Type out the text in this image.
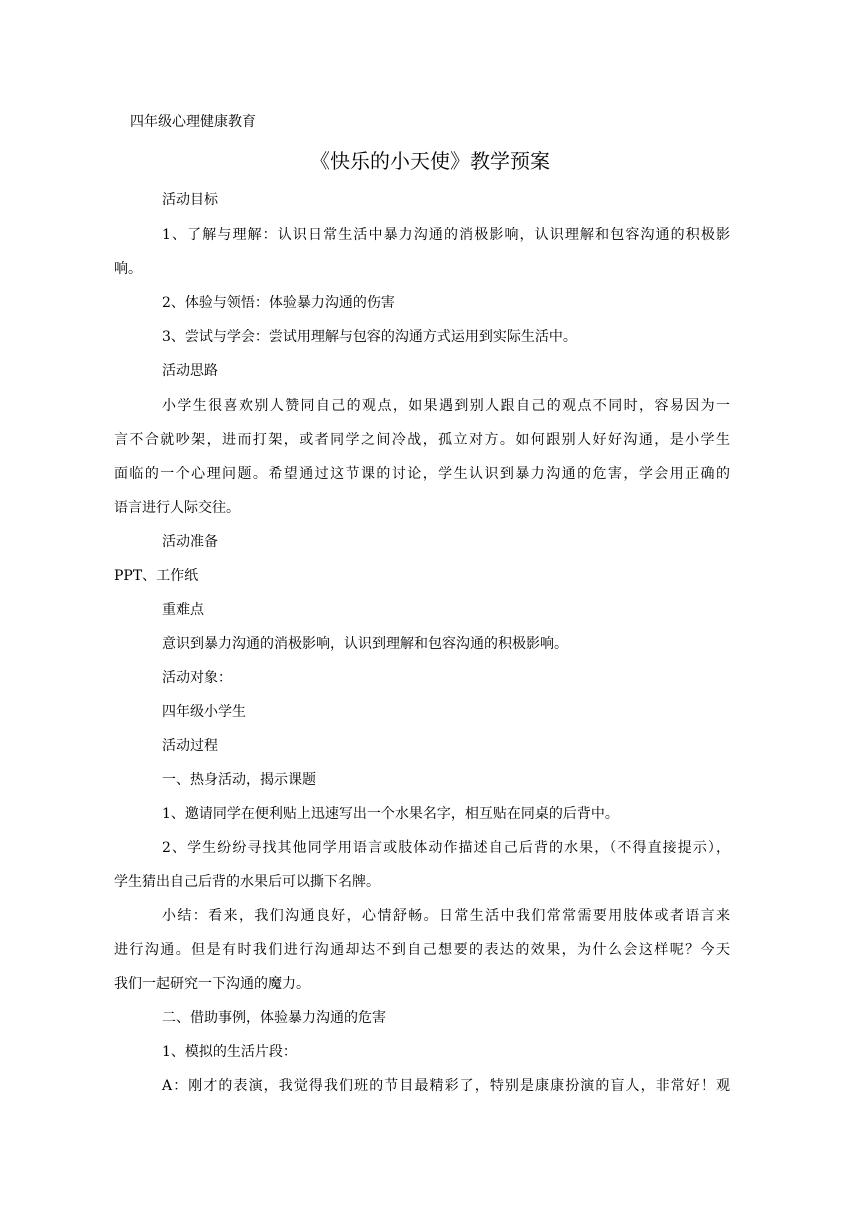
四年级心理健康教育
《快乐的小天使》教学预案
活动目标
1、了解与理解：认识日常生活中暴力沟通的消极影响，认识理解和包容沟通的积极影
响。
2、体验与领悟：体验暴力沟通的伤害
3、尝试与学会：尝试用理解与包容的沟通方式运用到实际生活中。
活动思路
小学生很喜欢别人赞同自己的观点，如果遇到别人跟自己的观点不同时，容易因为一
言不合就吵架，进而打架，或者同学之间冷战，孤立对方。如何跟别人好好沟通，是小学生
面临的一个心理问题。希望通过这节课的讨论，学生认识到暴力沟通的危害，学会用正确的
语言进行人际交往。
活动准备
PPT、工作纸
重难点
意识到暴力沟通的消极影响，认识到理解和包容沟通的积极影响。
活动对象：
四年级小学生
活动过程
一、热身活动，揭示课题
1、邀请同学在便利贴上迅速写出一个水果名字，相互贴在同桌的后背中。
2、学生纷纷寻找其他同学用语言或肢体动作描述自己后背的水果，（不得直接提示），
学生猜出自己后背的水果后可以撕下名牌。
小结：看来，我们沟通良好，心情舒畅。日常生活中我们常常需要用肢体或者语言来
进行沟通。但是有时我们进行沟通却达不到自己想要的表达的效果，为什么会这样呢？今天
我们一起研究一下沟通的魔力。
二、借助事例，体验暴力沟通的危害
1、模拟的生活片段：
A：刚才的表演，我觉得我们班的节目最精彩了，特别是康康扮演的盲人，非常好！观
